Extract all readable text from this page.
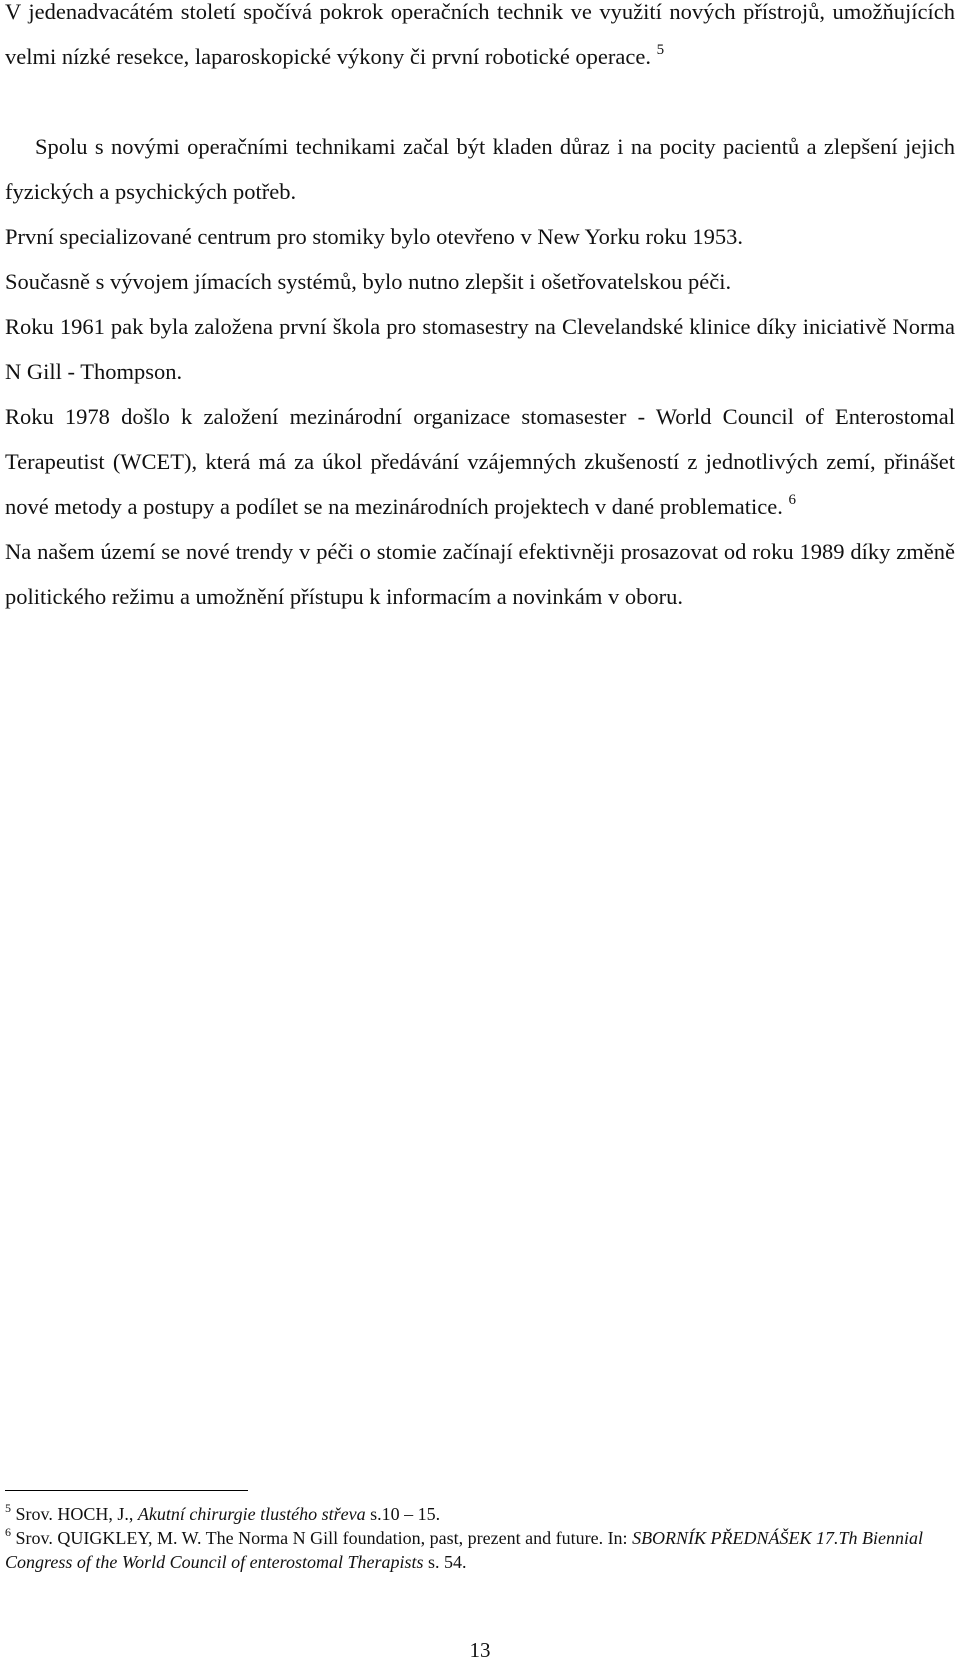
V jedenadvacátém století spočívá pokrok operačních technik ve využití nových přístrojů, umožňujících velmi nízké resekce, laparoskopické výkony či první robotické operace. $^5$

Spolu s novými operačními technikami začal být kladen důraz i na pocity pacientů a zlepšení jejich fyzických a psychických potřeb.

První specializované centrum pro stomiky bylo otevřeno v New Yorku roku 1953.

Současně s vývojem jímacích systémů, bylo nutno zlepšit i ošetřovatelskou péči.

Roku 1961 pak byla založena první škola pro stomasestry na Clevelandské klinice díky iniciativě Norma N Gill - Thompson.

Roku 1978 došlo k založení mezinárodní organizace stomasester - World Council of Enterostomal Terapeutist (WCET), která má za úkol předávání vzájemných zkušeností z jednotlivých zemí, přinášet nové metody a postupy a podílet se na mezinárodních projektech v dané problematice. $^6$

Na našem území se nové trendy v péči o stomie začínají efektivněji prosazovat od roku 1989 díky změně politického režimu a umožnění přístupu k informacím a novinkám v oboru.

$^5$ Srov. HOCH, J., Akutní chirurgie tlustého střeva s.10 – 15.

$^6$ Srov. QUIGKLEY, M. W. The Norma N Gill foundation, past, prezent and future. In: SBORNÍK PŘEDNÁŠEK 17.Th Biennial Congress of the World Council of enterostomal Therapists s. 54.

13
